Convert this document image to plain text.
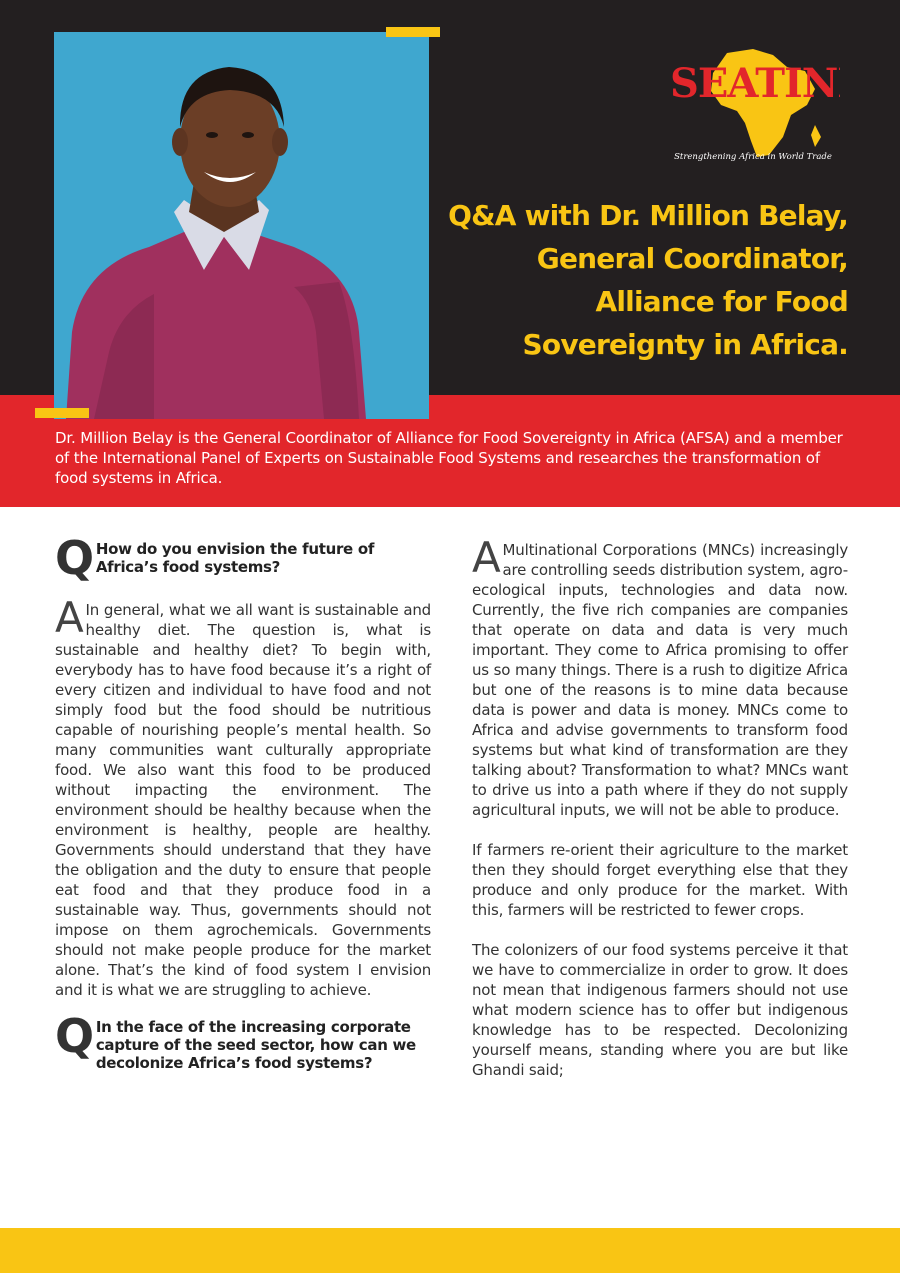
SEATINI
Strengthening Africa in World Trade
Q&A with Dr. Million Belay,
General Coordinator,
Alliance for Food
Sovereignty in Africa.
Dr. Million Belay is the General Coordinator of Alliance for Food Sovereignty in Africa (AFSA) and a member of the International Panel of Experts on Sustainable Food Systems and researches the transformation of food systems in Africa.
Q How do you envision the future of Africa’s food systems?
A In general, what we all want is sustainable and healthy diet. The question is, what is sustainable and healthy diet? To begin with, everybody has to have food because it’s a right of every citizen and individual to have food and not simply food but the food should be nutritious capable of nourishing people’s mental health. So many communities want culturally appropriate food. We also want this food to be produced without impacting the environment. The environment should be healthy because when the environment is healthy, people are healthy. Governments should understand that they have the obligation and the duty to ensure that people eat food and that they produce food in a sustainable way. Thus, governments should not impose on them agrochemicals. Governments should not make people produce for the market alone. That’s the kind of food system I envision and it is what we are struggling to achieve.
Q In the face of the increasing corporate capture of the seed sector, how can we decolonize Africa’s food systems?
A Multinational Corporations (MNCs) increasingly are controlling seeds distribution system, agro-ecological inputs, technologies and data now. Currently, the five rich companies are companies that operate on data and data is very much important. They come to Africa promising to offer us so many things. There is a rush to digitize Africa but one of the reasons is to mine data because data is power and data is money. MNCs come to Africa and advise governments to transform food systems but what kind of transformation are they talking about? Transformation to what? MNCs want to drive us into a path where if they do not supply agricultural inputs, we will not be able to produce.
If farmers re-orient their agriculture to the market then they should forget everything else that they produce and only produce for the market. With this, farmers will be restricted to fewer crops.
The colonizers of our food systems perceive it that we have to commercialize in order to grow. It does not mean that indigenous farmers should not use what modern science has to offer but indigenous knowledge has to be respected. Decolonizing yourself means, standing where you are but like Ghandi said;
